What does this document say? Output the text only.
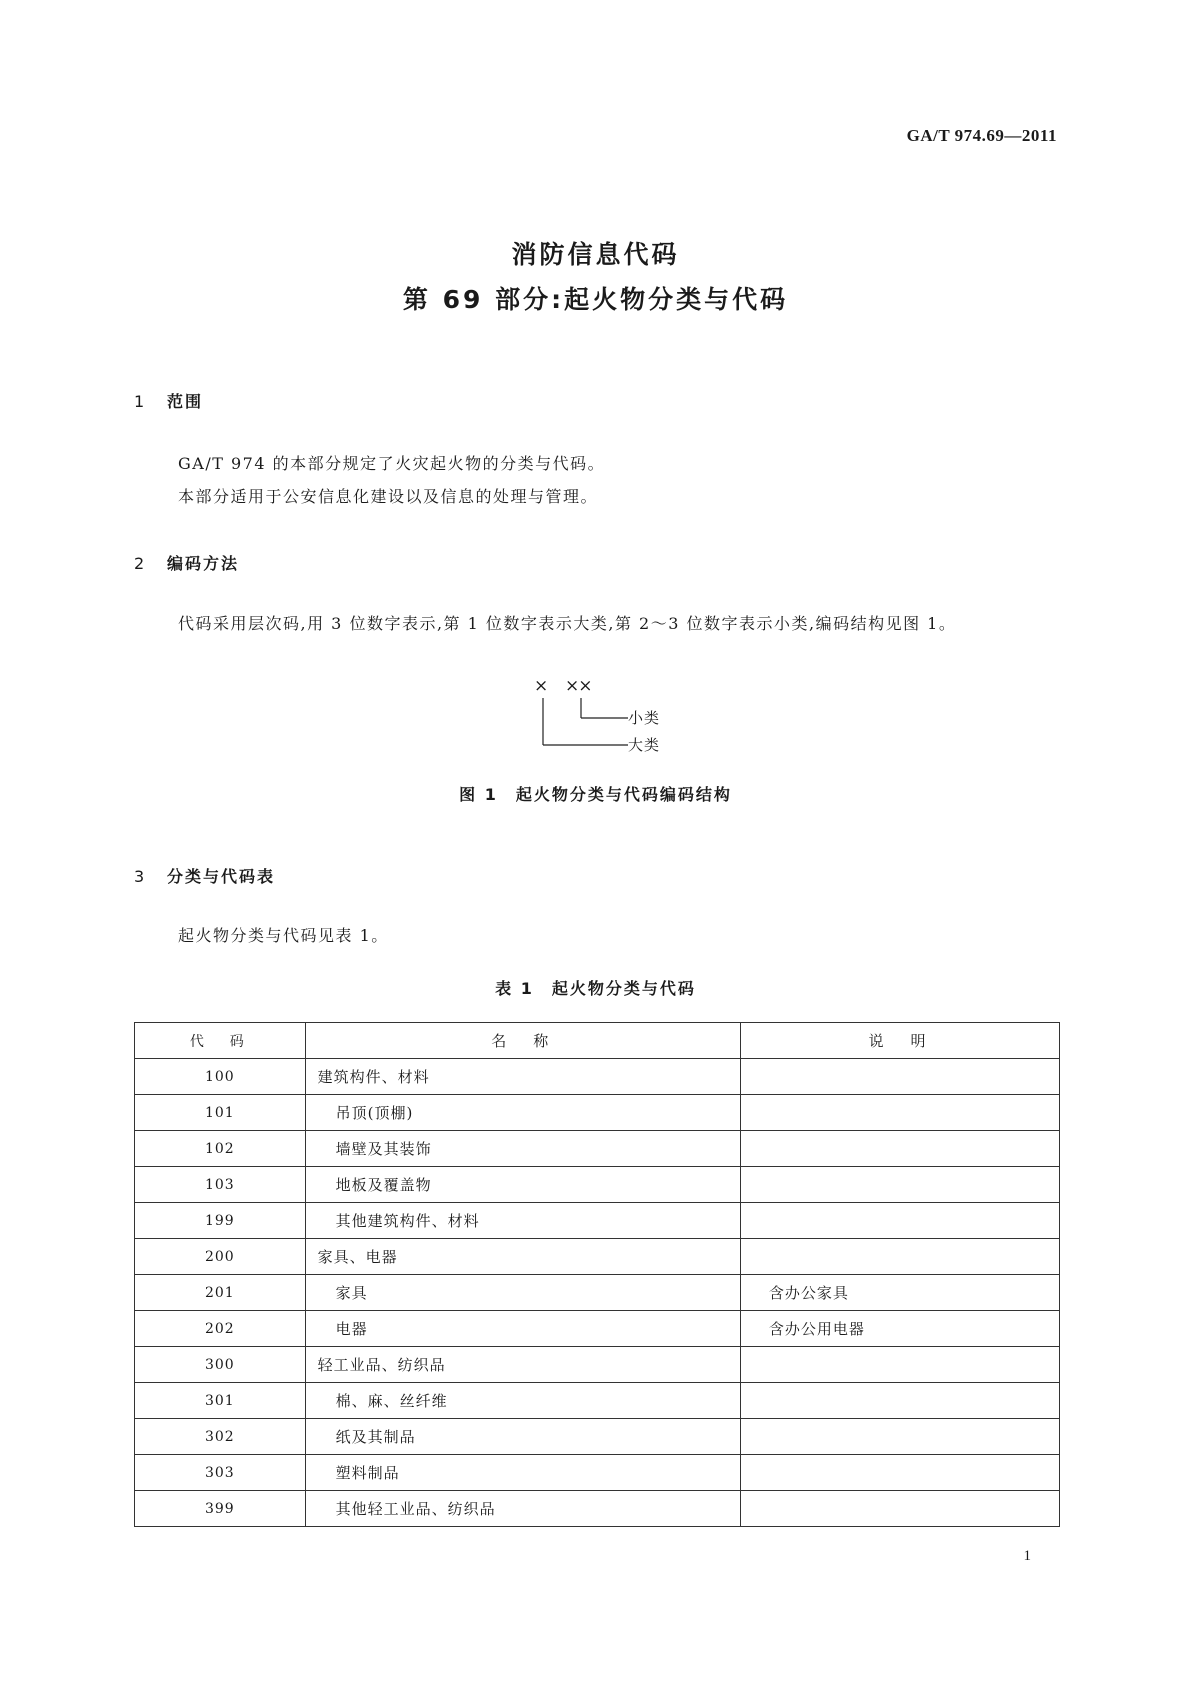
GA/T 974.69—2011
消防信息代码
第 69 部分:起火物分类与代码
1 范围
GA/T 974 的本部分规定了火灾起火物的分类与代码。
本部分适用于公安信息化建设以及信息的处理与管理。
2 编码方法
代码采用层次码,用 3 位数字表示,第 1 位数字表示大类,第 2～3 位数字表示小类,编码结构见图 1。
× ××
小类
大类
图 1　起火物分类与代码编码结构
3 分类与代码表
起火物分类与代码见表 1。
表 1　起火物分类与代码
代　码	名　称	说　明
100	建筑构件、材料	
101	吊顶(顶棚)	
102	墙壁及其装饰	
103	地板及覆盖物	
199	其他建筑构件、材料	
200	家具、电器	
201	家具	含办公家具
202	电器	含办公用电器
300	轻工业品、纺织品	
301	棉、麻、丝纤维	
302	纸及其制品	
303	塑料制品	
399	其他轻工业品、纺织品	
1
